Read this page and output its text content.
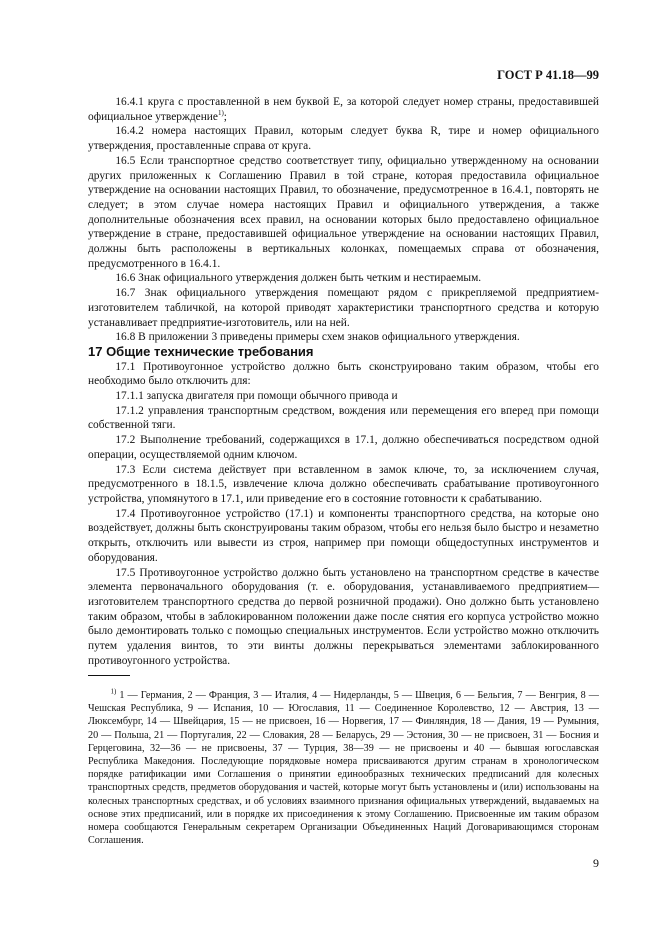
ГОСТ Р 41.18—99

16.4.1 круга с проставленной в нем буквой E, за которой следует номер страны, предоставившей официальное утверждение$^{1)}$;

16.4.2 номера настоящих Правил, которым следует буква R, тире и номер официального утверждения, проставленные справа от круга.

16.5 Если транспортное средство соответствует типу, официально утвержденному на основании других приложенных к Соглашению Правил в той стране, которая предоставила официальное утверждение на основании настоящих Правил, то обозначение, предусмотренное в 16.4.1, повторять не следует; в этом случае номера настоящих Правил и официального утверждения, а также дополнительные обозначения всех правил, на основании которых было предоставлено официальное утверждение в стране, предоставившей официальное утверждение на основании настоящих Правил, должны быть расположены в вертикальных колонках, помещаемых справа от обозначения, предусмотренного в 16.4.1.

16.6 Знак официального утверждения должен быть четким и нестираемым.

16.7 Знак официального утверждения помещают рядом с прикрепляемой предприятием-изготовителем табличкой, на которой приводят характеристики транспортного средства и которую устанавливает предприятие-изготовитель, или на ней.

16.8 В приложении 3 приведены примеры схем знаков официального утверждения.

17 Общие технические требования

17.1 Противоугонное устройство должно быть сконструировано таким образом, чтобы его необходимо было отключить для:

17.1.1 запуска двигателя при помощи обычного привода и

17.1.2 управления транспортным средством, вождения или перемещения его вперед при помощи собственной тяги.

17.2 Выполнение требований, содержащихся в 17.1, должно обеспечиваться посредством одной операции, осуществляемой одним ключом.

17.3 Если система действует при вставленном в замок ключе, то, за исключением случая, предусмотренного в 18.1.5, извлечение ключа должно обеспечивать срабатывание противоугонного устройства, упомянутого в 17.1, или приведение его в состояние готовности к срабатыванию.

17.4 Противоугонное устройство (17.1) и компоненты транспортного средства, на которые оно воздействует, должны быть сконструированы таким образом, чтобы его нельзя было быстро и незаметно открыть, отключить или вывести из строя, например при помощи общедоступных инструментов и оборудования.

17.5 Противоугонное устройство должно быть установлено на транспортном средстве в качестве элемента первоначального оборудования (т. е. оборудования, устанавливаемого предприятием—изготовителем транспортного средства до первой розничной продажи). Оно должно быть установлено таким образом, чтобы в заблокированном положении даже после снятия его корпуса устройство можно было демонтировать только с помощью специальных инструментов. Если устройство можно отключить путем удаления винтов, то эти винты должны перекрываться элементами заблокированного противоугонного устройства.

$^{1)}$ 1 — Германия, 2 — Франция, 3 — Италия, 4 — Нидерланды, 5 — Швеция, 6 — Бельгия, 7 — Венгрия, 8 — Чешская Республика, 9 — Испания, 10 — Югославия, 11 — Соединенное Королевство, 12 — Австрия, 13 — Люксембург, 14 — Швейцария, 15 — не присвоен, 16 — Норвегия, 17 — Финляндия, 18 — Дания, 19 — Румыния, 20 — Польша, 21 — Португалия, 22 — Словакия, 28 — Беларусь, 29 — Эстония, 30 — не присвоен, 31 — Босния и Герцеговина, 32—36 — не присвоены, 37 — Турция, 38—39 — не присвоены и 40 — бывшая югославская Республика Македония. Последующие порядковые номера присваиваются другим странам в хронологическом порядке ратификации ими Соглашения о принятии единообразных технических предписаний для колесных транспортных средств, предметов оборудования и частей, которые могут быть установлены и (или) использованы на колесных транспортных средствах, и об условиях взаимного признания официальных утверждений, выдаваемых на основе этих предписаний, или в порядке их присоединения к этому Соглашению. Присвоенные им таким образом номера сообщаются Генеральным секретарем Организации Объединенных Наций Договаривающимся сторонам Соглашения.

9
